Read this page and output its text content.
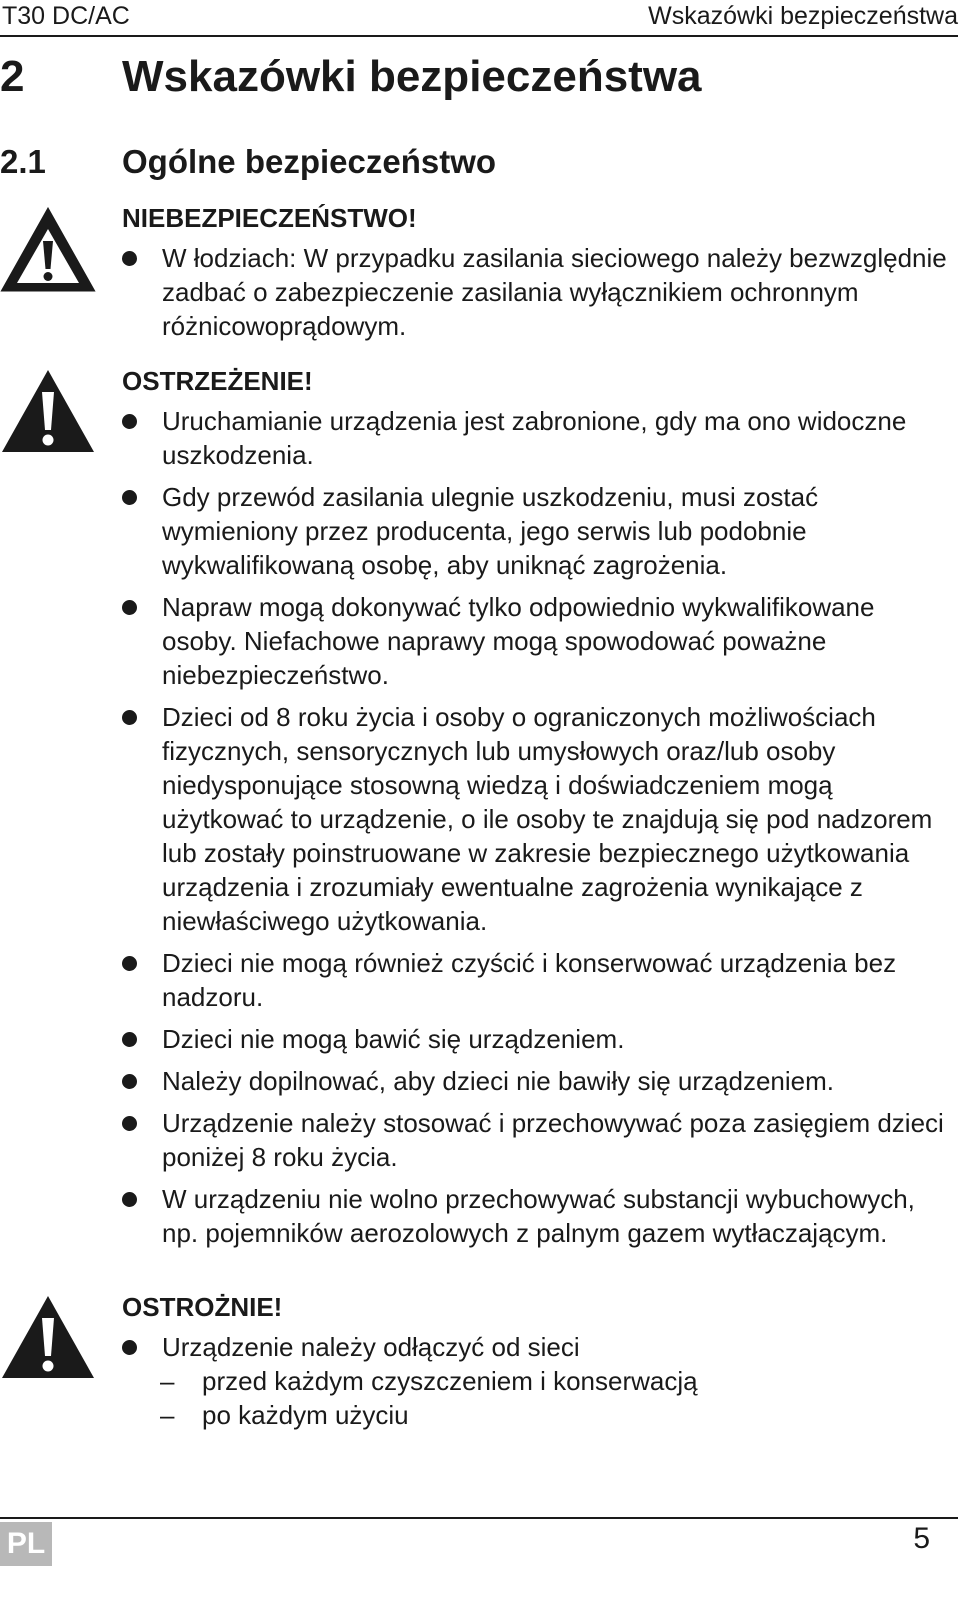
T30 DC/AC	Wskazówki bezpieczeństwa
2 Wskazówki bezpieczeństwa
2.1 Ogólne bezpieczeństwo
NIEBEZPIECZEŃSTWO!
W łodziach: W przypadku zasilania sieciowego należy bezwzględnie zadbać o zabezpieczenie zasilania wyłącznikiem ochronnym różnicowoprądowym.
OSTRZEŻENIE!
Uruchamianie urządzenia jest zabronione, gdy ma ono widoczne uszkodzenia.
Gdy przewód zasilania ulegnie uszkodzeniu, musi zostać wymieniony przez producenta, jego serwis lub podobnie wykwalifikowaną osobę, aby uniknąć zagrożenia.
Napraw mogą dokonywać tylko odpowiednio wykwalifikowane osoby. Niefachowe naprawy mogą spowodować poważne niebezpieczeństwo.
Dzieci od 8 roku życia i osoby o ograniczonych możliwościach fizycznych, sensorycznych lub umysłowych oraz/lub osoby niedysponujące stosowną wiedzą i doświadczeniem mogą użytkować to urządzenie, o ile osoby te znajdują się pod nadzorem lub zostały poinstruowane w zakresie bezpiecznego użytkowania urządzenia i zrozumiały ewentualne zagrożenia wynikające z niewłaściwego użytkowania.
Dzieci nie mogą również czyścić i konserwować urządzenia bez nadzoru.
Dzieci nie mogą bawić się urządzeniem.
Należy dopilnować, aby dzieci nie bawiły się urządzeniem.
Urządzenie należy stosować i przechowywać poza zasięgiem dzieci poniżej 8 roku życia.
W urządzeniu nie wolno przechowywać substancji wybuchowych, np. pojemników aerozolowych z palnym gazem wytłaczającym.
OSTROŻNIE!
Urządzenie należy odłączyć od sieci
– przed każdym czyszczeniem i konserwacją
– po każdym użyciu
PL	5
